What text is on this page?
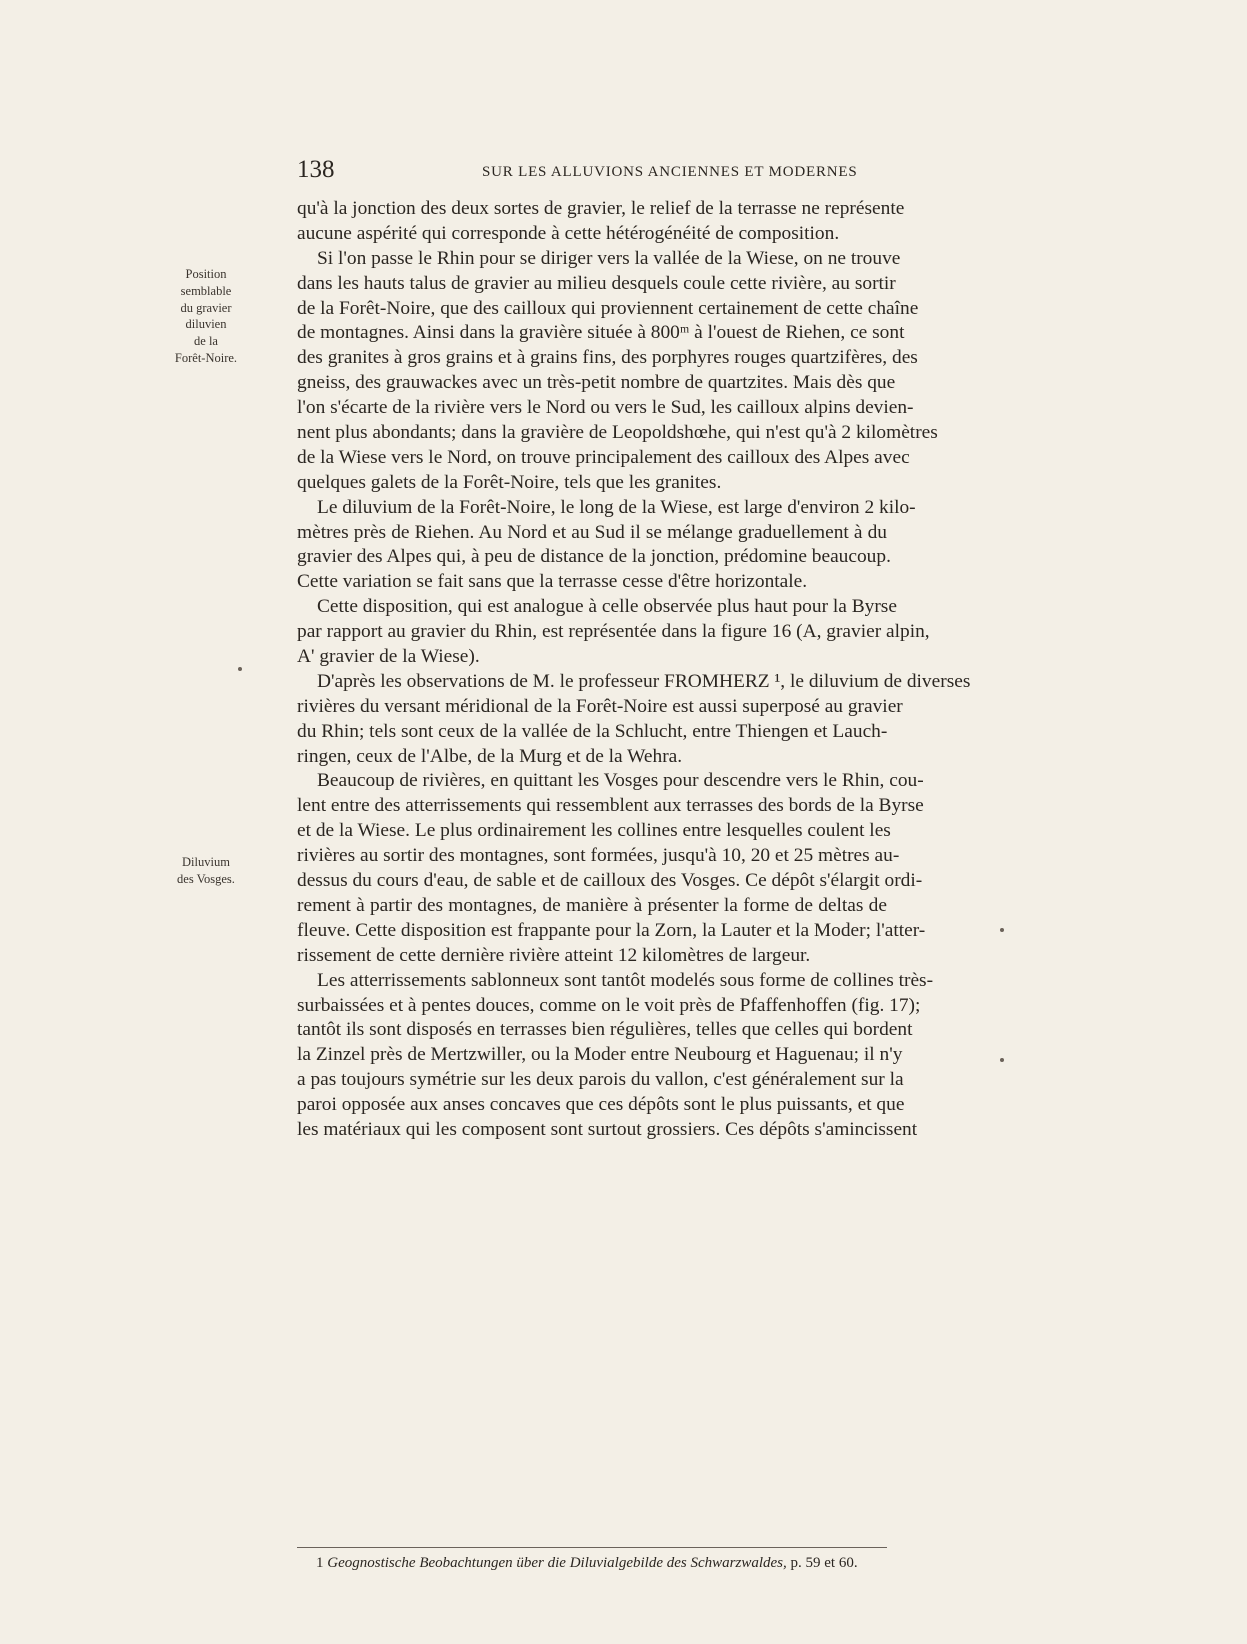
138	SUR LES ALLUVIONS ANCIENNES ET MODERNES
Position
semblable
du gravier
diluvien
de la
Forêt-Noire.
Diluvium
des Vosges.
qu'à la jonction des deux sortes de gravier, le relief de la terrasse ne représente
aucune aspérité qui corresponde à cette hétérogénéité de composition.
Si l'on passe le Rhin pour se diriger vers la vallée de la Wiese, on ne trouve
dans les hauts talus de gravier au milieu desquels coule cette rivière, au sortir
de la Forêt-Noire, que des cailloux qui proviennent certainement de cette chaîne
de montagnes. Ainsi dans la gravière située à 800ᵐ à l'ouest de Riehen, ce sont
des granites à gros grains et à grains fins, des porphyres rouges quartzifères, des
gneiss, des grauwackes avec un très-petit nombre de quartzites. Mais dès que
l'on s'écarte de la rivière vers le Nord ou vers le Sud, les cailloux alpins devien-
nent plus abondants; dans la gravière de Leopoldshœhe, qui n'est qu'à 2 kilomètres
de la Wiese vers le Nord, on trouve principalement des cailloux des Alpes avec
quelques galets de la Forêt-Noire, tels que les granites.
Le diluvium de la Forêt-Noire, le long de la Wiese, est large d'environ 2 kilo-
mètres près de Riehen. Au Nord et au Sud il se mélange graduellement à du
gravier des Alpes qui, à peu de distance de la jonction, prédomine beaucoup.
Cette variation se fait sans que la terrasse cesse d'être horizontale.
Cette disposition, qui est analogue à celle observée plus haut pour la Byrse
par rapport au gravier du Rhin, est représentée dans la figure 16 (A, gravier alpin,
A' gravier de la Wiese).
D'après les observations de M. le professeur FROMHERZ ¹, le diluvium de diverses
rivières du versant méridional de la Forêt-Noire est aussi superposé au gravier
du Rhin; tels sont ceux de la vallée de la Schlucht, entre Thiengen et Lauch-
ringen, ceux de l'Albe, de la Murg et de la Wehra.
Beaucoup de rivières, en quittant les Vosges pour descendre vers le Rhin, cou-
lent entre des atterrissements qui ressemblent aux terrasses des bords de la Byrse
et de la Wiese. Le plus ordinairement les collines entre lesquelles coulent les
rivières au sortir des montagnes, sont formées, jusqu'à 10, 20 et 25 mètres au-
dessus du cours d'eau, de sable et de cailloux des Vosges. Ce dépôt s'élargit ordi-
rement à partir des montagnes, de manière à présenter la forme de deltas de
fleuve. Cette disposition est frappante pour la Zorn, la Lauter et la Moder; l'atter-
rissement de cette dernière rivière atteint 12 kilomètres de largeur.
Les atterrissements sablonneux sont tantôt modelés sous forme de collines très-
surbaissées et à pentes douces, comme on le voit près de Pfaffenhoffen (fig. 17);
tantôt ils sont disposés en terrasses bien régulières, telles que celles qui bordent
la Zinzel près de Mertzwiller, ou la Moder entre Neubourg et Haguenau; il n'y
a pas toujours symétrie sur les deux parois du vallon, c'est généralement sur la
paroi opposée aux anses concaves que ces dépôts sont le plus puissants, et que
les matériaux qui les composent sont surtout grossiers. Ces dépôts s'amincissent
1 Geognostische Beobachtungen über die Diluvialgebilde des Schwarzwaldes, p. 59 et 60.
